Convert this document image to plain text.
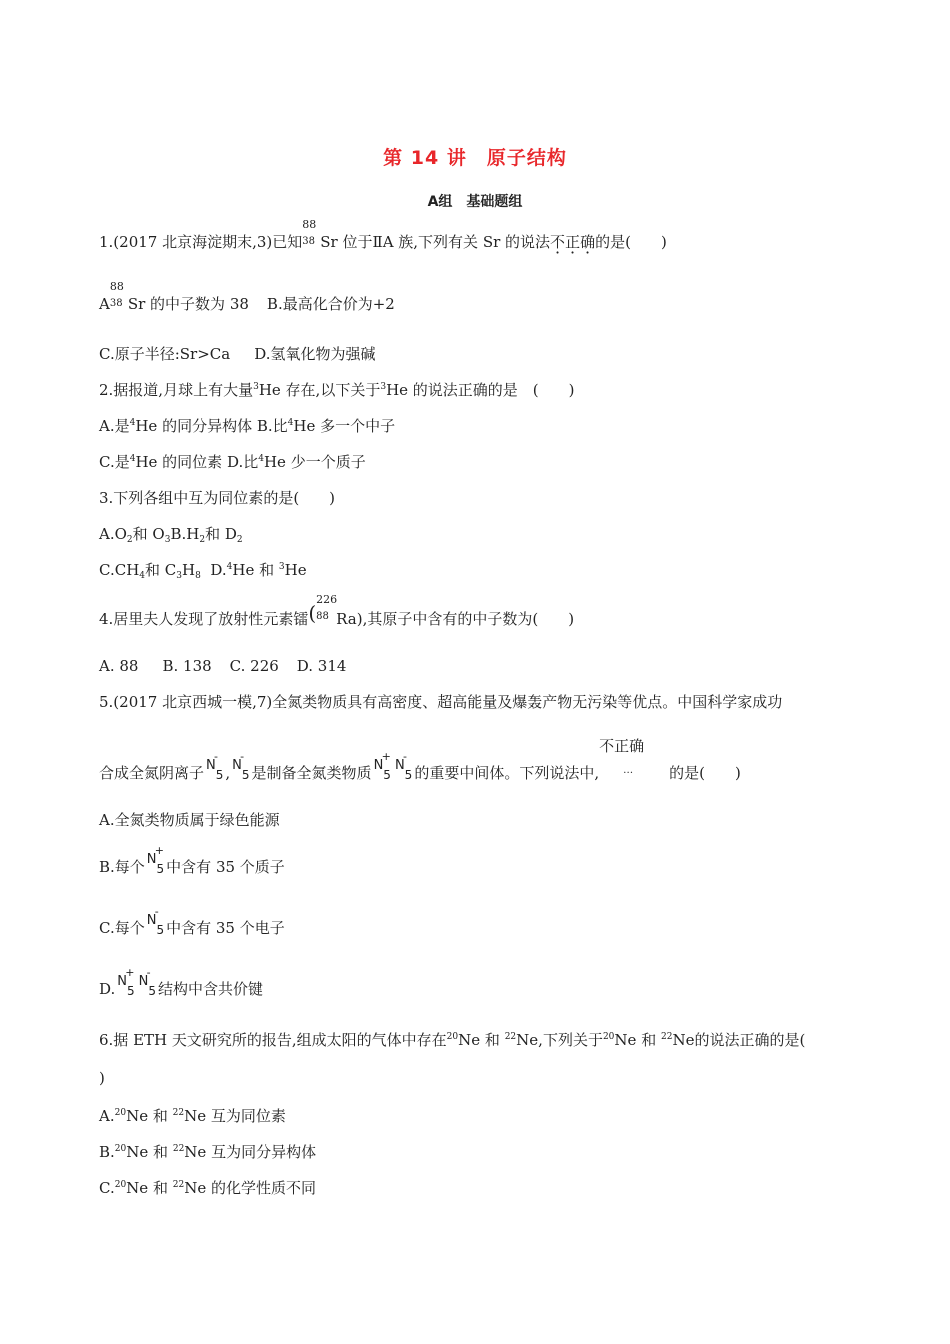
第 14 讲　原子结构
A组　基础题组
1.(2017 北京海淀期末,3)已知
88
38 Sr 位于ⅡA 族,下列有关 Sr 的说法不正确的是(　　)
A
88
38 Sr 的中子数为 38 B.最高化合价为+2
C.原子半径:Sr>Ca D.氢氧化物为强碱
2.据报道,月球上有大量$^3$He 存在,以下关于$^3$He 的说法正确的是　(　　)
A.是$^4$He 的同分异构体 B.比$^4$He 多一个中子
C.是$^4$He 的同位素 D.比$^4$He 少一个质子
3.下列各组中互为同位素的是(　　)
$A.O_2$和 $O_3B.H_2$和 $D_2$
$C.CH_4$和 $C_3H_8$ D.$^4$He 和 $^3$He
4.居里夫人发现了放射性元素镭(
226
88 Ra),其原子中含有的中子数为(　　)
A. 88 B. 138 C. 226 D. 314
5.(2017 北京西城一模,7)全氮类物质具有高密度、超高能量及爆轰产物无污染等优点。中国科学家成功
合成全氮阴离子 N5
-
, N5
-
是制备全氮类物质 N5
+
N5
-
的重要中间体。下列说法中,
不正确
… 的是(　　)
A.全氮类物质属于绿色能源
B.每个 N5
+
中含有 35 个质子
C.每个 N5
-
中含有 35 个电子
D. N5
+
N5
-
结构中含共价键
6.据 ETH 天文研究所的报告,组成太阳的气体中存在$^{20}$Ne 和 $^{22}$Ne,下列关于$^{20}$Ne 和 $^{22}$Ne的说法正确的是(
)
A.$^{20}$Ne 和 $^{22}$Ne 互为同位素
B.$^{20}$Ne 和 $^{22}$Ne 互为同分异构体
C.$^{20}$Ne 和 $^{22}$Ne 的化学性质不同
